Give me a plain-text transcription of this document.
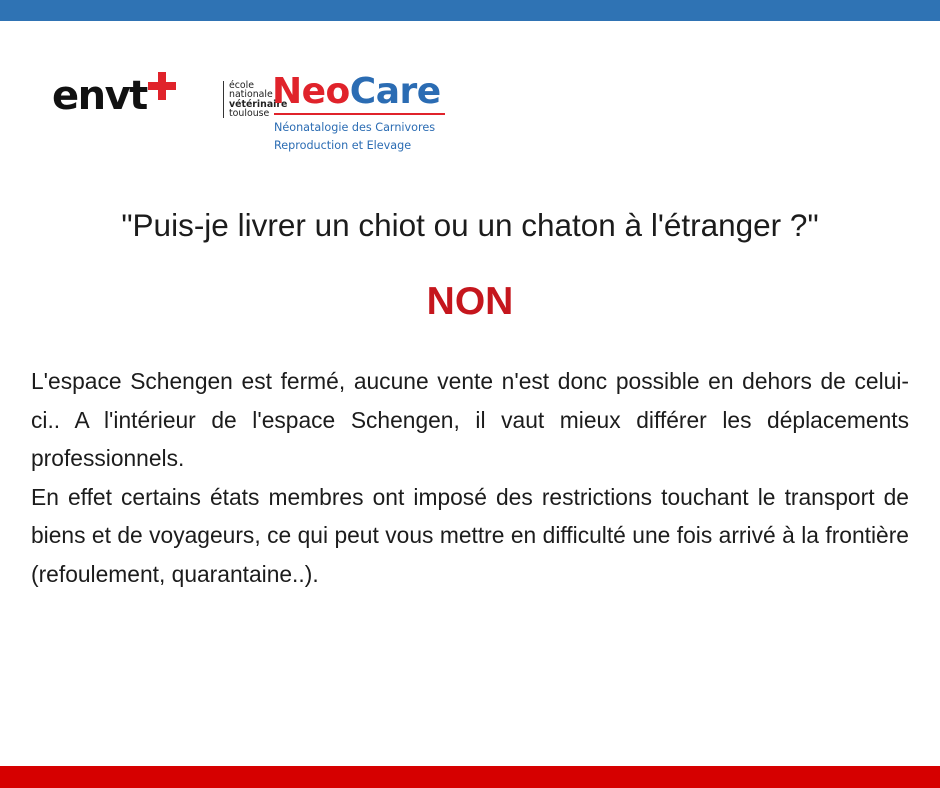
envt	école
nationale
vétérinaire
toulouse
NeoCare
Néonatalogie des Carnivores
Reproduction et Elevage
"Puis-je livrer un chiot ou un chaton à l'étranger ?"
NON

L'espace Schengen est fermé, aucune vente n'est donc possible en dehors de celui-ci.. A l'intérieur de l'espace Schengen, il vaut mieux différer les déplacements professionnels.

En effet certains états membres ont imposé des restrictions touchant le transport de biens et de voyageurs, ce qui peut vous mettre en difficulté une fois arrivé à la frontière (refoulement, quarantaine..).
